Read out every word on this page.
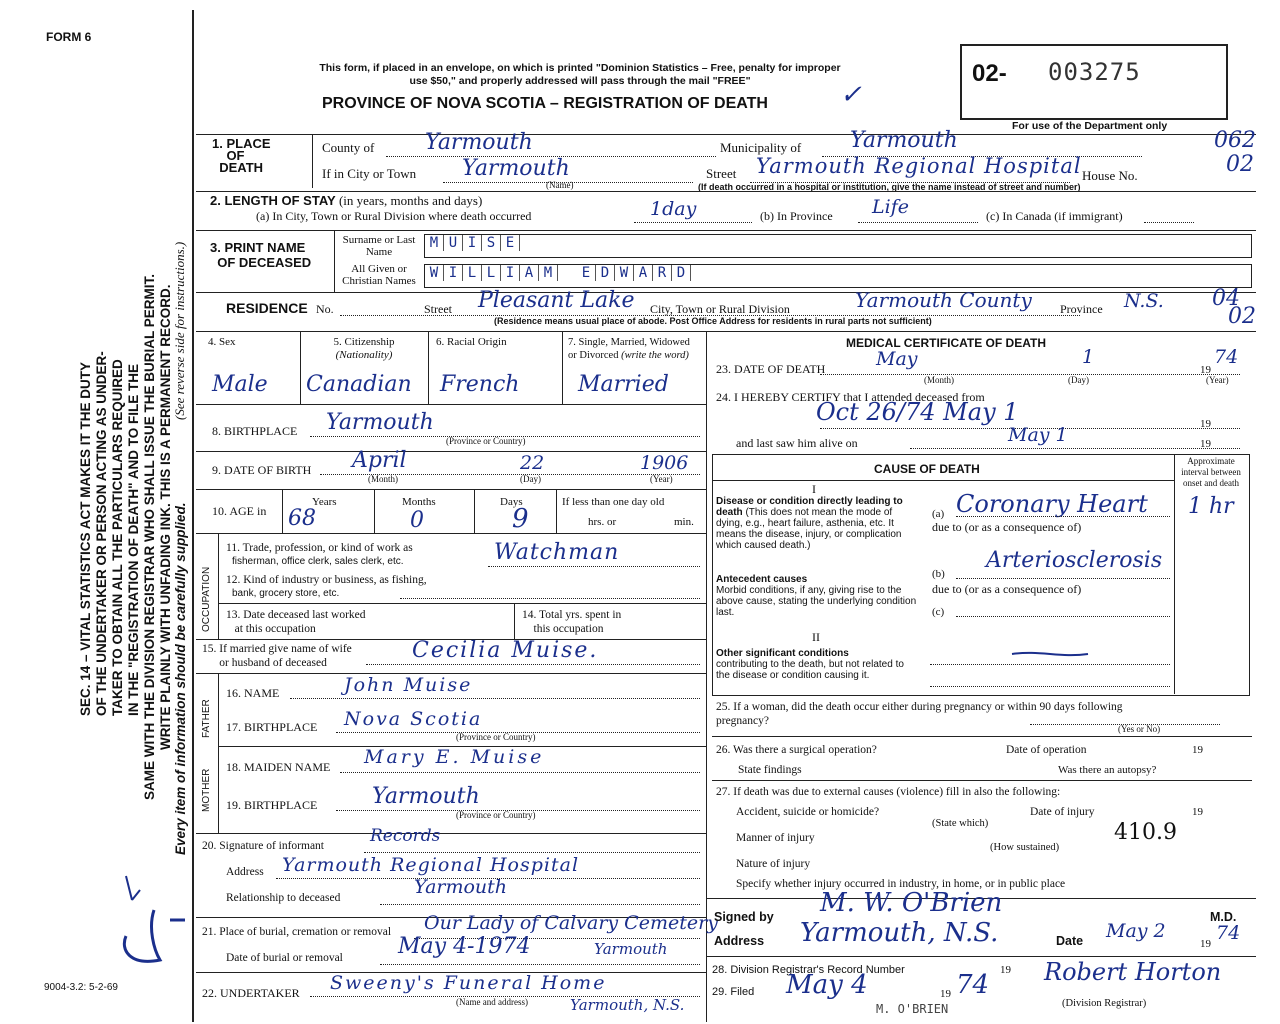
FORM 6
9004-3.2: 5-2-69
SEC. 14 – VITAL STATISTICS ACT MAKES IT THE DUTY OF THE UNDERTAKER OR PERSON ACTING AS UNDER- TAKER TO OBTAIN ALL THE PARTICULARS REQUIRED IN THE "REGISTRATION OF DEATH" AND TO FILE THE SAME WITH THE DIVISION REGISTRAR WHO SHALL ISSUE THE BURIAL PERMIT. WRITE PLAINLY WITH UNFADING INK. THIS IS A PERMANENT RECORD. Every item of information should be carefully supplied.
(See reverse side for instructions.)
This form, if placed in an envelope, on which is printed "Dominion Statistics – Free, penalty for improper
use $50," and properly addressed will pass through the mail "FREE"
PROVINCE OF NOVA SCOTIA – REGISTRATION OF DEATH	✓
02- 003275
For use of the Department only
1. PLACE
OF
DEATH
County of Yarmouth	Municipality of Yarmouth	062
If in City or Town Yarmouth
(Name)
Street Yarmouth Regional Hospital House No.	02
(If death occurred in a hospital or institution, give the name instead of street and number)
2. LENGTH OF STAY (in years, months and days)
(a) In City, Town or Rural Division where death occurred	1day	(b) In Province Life	(c) In Canada (if immigrant)
3. PRINT NAME
OF DECEASED
Surname or Last Name
All Given or Christian Names
M U I S E
W I L L I A M E D W A R D
RESIDENCE No.	Street Pleasant Lake City, Town or Rural Division	Yarmouth County Province N.S. 04
02
(Residence means usual place of abode. Post Office Address for residents in rural parts not sufficient)
4. Sex
Male
5. Citizenship
(Nationality)
Canadian
6. Racial Origin
French
7. Single, Married, Widowed or Divorced (write the word)
Married
8. BIRTHPLACE Yarmouth
(Province or Country)
9. DATE OF BIRTH April	22	1906
(Month)	(Day)	(Year)
10. AGE in
Years
68
Months
0
Days
9
If less than one day old
hrs. or	min.
OCCUPATION
11. Trade, profession, or kind of work as
fisherman, office clerk, sales clerk, etc.	Watchman
12. Kind of industry or business, as fishing,
bank, grocery store, etc.
13. Date deceased last worked
at this occupation
14. Total yrs. spent in
this occupation
15. If married give name of wife
or husband of deceased	Cecilia Muise.
FATHER
16. NAME	John Muise
17. BIRTHPLACE Nova Scotia
(Province or Country)
MOTHER
18. MAIDEN NAME Mary E. Muise
19. BIRTHPLACE Yarmouth
(Province or Country)
20. Signature of informant	Records
Address Yarmouth Regional Hospital
Relationship to deceased	Yarmouth
21. Place of burial, cremation or removal Our Lady of Calvary Cemetery
Date of burial or removal	May 4-1974	Yarmouth
22. UNDERTAKER Sweeny's Funeral Home
(Name and address)	Yarmouth, N.S.
MEDICAL CERTIFICATE OF DEATH
23. DATE OF DEATH	May	1
19
74
(Month)	(Day)	(Year)
24. I HEREBY CERTIFY that I attended deceased from
Oct 26/74 May 1	19
and last saw him alive on	May 1	19
CAUSE OF DEATH
Approximate interval between onset and death
I
Disease or condition directly leading to death (This does not mean the mode of dying, e.g., heart failure, asthenia, etc. It means the disease, injury, or complication which caused death.)
(a) Coronary Heart 1 hr
due to (or as a consequence of)
Antecedent causes
Morbid conditions, if any, giving rise to the above cause, stating the underlying condition last.
(b)
Arteriosclerosis
due to (or as a consequence of)
(c)
II
Other significant conditions
contributing to the death, but not related to the disease or condition causing it.
25. If a woman, did the death occur either during pregnancy or within 90 days following pregnancy?
(Yes or No)
26. Was there a surgical operation?	Date of operation	19
State findings	Was there an autopsy?
27. If death was due to external causes (violence) fill in also the following:
Accident, suicide or homicide?	Date of injury	19
(State which)	410.9
Manner of injury
(How sustained)
Nature of injury
Specify whether injury occurred in industry, in home, or in public place
Signed by M. W. O'Brien	M.D.
Address Yarmouth, N.S.	Date May 2
19 74
28. Division Registrar's Record Number	19
29. Filed May 4	19 74 Robert Horton
(Division Registrar)
M. O'BRIEN
